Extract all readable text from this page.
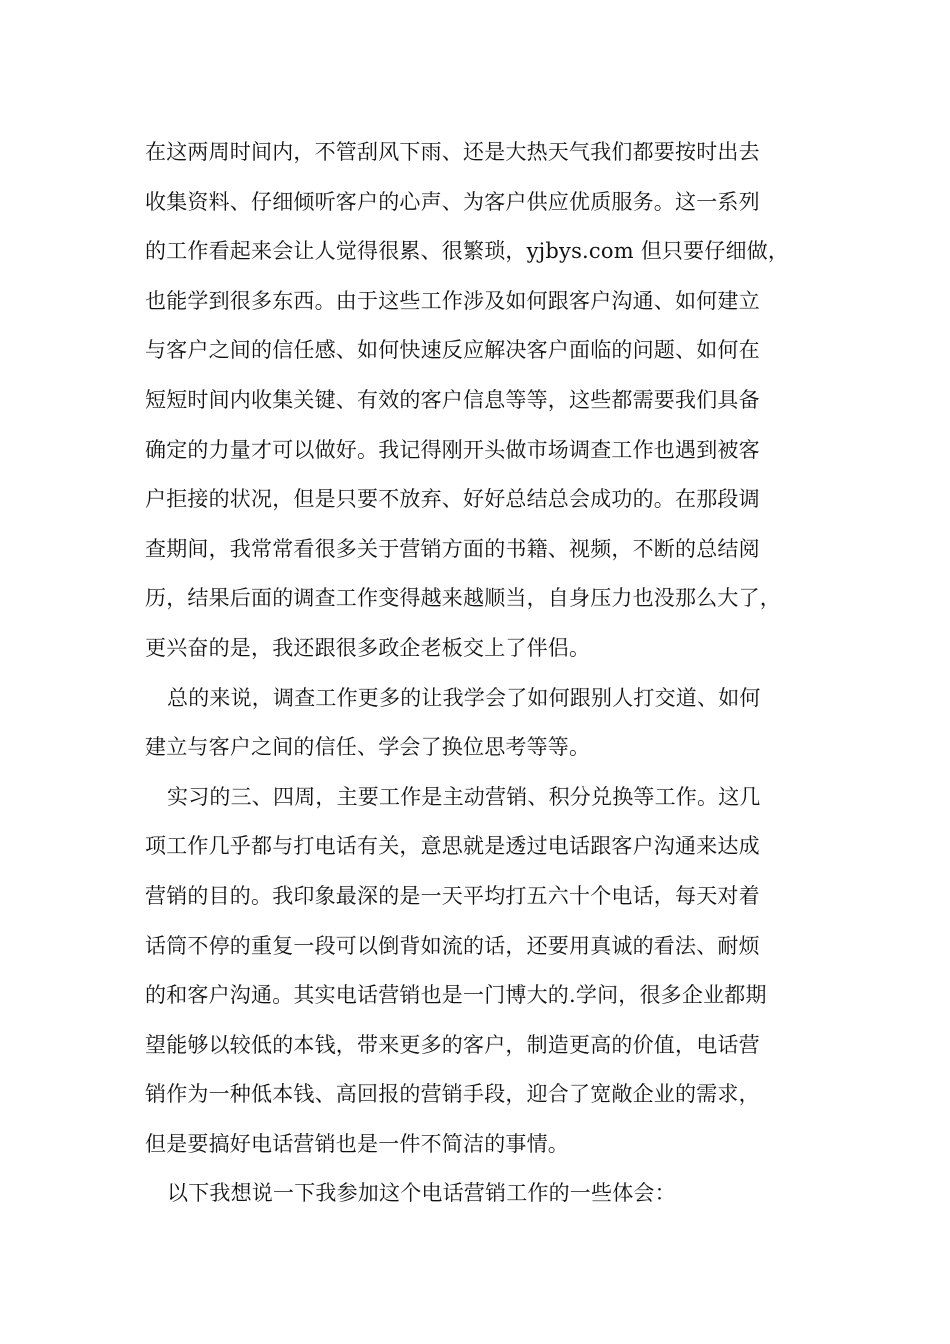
在这两周时间内，不管刮风下雨、还是大热天气我们都要按时出去
收集资料、仔细倾听客户的心声、为客户供应优质服务。这一系列
的工作看起来会让人觉得很累、很繁琐，yjbys.com 但只要仔细做，
也能学到很多东西。由于这些工作涉及如何跟客户沟通、如何建立
与客户之间的信任感、如何快速反应解决客户面临的问题、如何在
短短时间内收集关键、有效的客户信息等等，这些都需要我们具备
确定的力量才可以做好。我记得刚开头做市场调查工作也遇到被客
户拒接的状况，但是只要不放弃、好好总结总会成功的。在那段调
查期间，我常常看很多关于营销方面的书籍、视频，不断的总结阅
历，结果后面的调查工作变得越来越顺当，自身压力也没那么大了，
更兴奋的是，我还跟很多政企老板交上了伴侣。
总的来说，调查工作更多的让我学会了如何跟别人打交道、如何
建立与客户之间的信任、学会了换位思考等等。
实习的三、四周，主要工作是主动营销、积分兑换等工作。这几
项工作几乎都与打电话有关，意思就是透过电话跟客户沟通来达成
营销的目的。我印象最深的是一天平均打五六十个电话，每天对着
话筒不停的重复一段可以倒背如流的话，还要用真诚的看法、耐烦
的和客户沟通。其实电话营销也是一门博大的.学问，很多企业都期
望能够以较低的本钱，带来更多的客户，制造更高的价值，电话营
销作为一种低本钱、高回报的营销手段，迎合了宽敞企业的需求，
但是要搞好电话营销也是一件不简洁的事情。
以下我想说一下我参加这个电话营销工作的一些体会：
